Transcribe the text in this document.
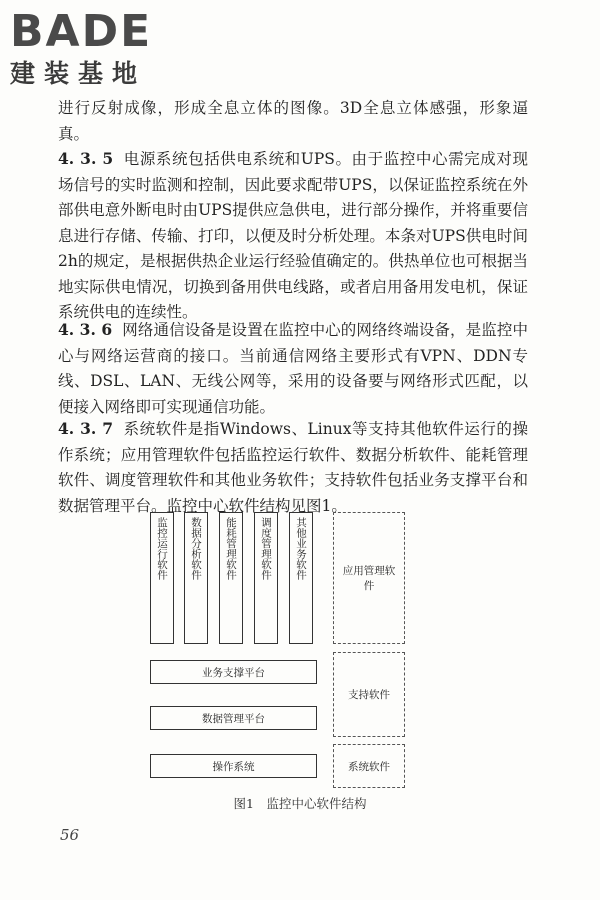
BADE
建装基地

进行反射成像，形成全息立体的图像。3D全息立体感强，形象逼真。

4. 3. 5 电源系统包括供电系统和UPS。由于监控中心需完成对现场信号的实时监测和控制，因此要求配带UPS，以保证监控系统在外部供电意外断电时由UPS提供应急供电，进行部分操作，并将重要信息进行存储、传输、打印，以便及时分析处理。本条对UPS供电时间2h的规定，是根据供热企业运行经验值确定的。供热单位也可根据当地实际供电情况，切换到备用供电线路，或者启用备用发电机，保证系统供电的连续性。

4. 3. 6 网络通信设备是设置在监控中心的网络终端设备，是监控中心与网络运营商的接口。当前通信网络主要形式有VPN、DDN专线、DSL、LAN、无线公网等，采用的设备要与网络形式匹配，以便接入网络即可实现通信功能。

4. 3. 7 系统软件是指Windows、Linux等支持其他软件运行的操作系统；应用管理软件包括监控运行软件、数据分析软件、能耗管理软件、调度管理软件和其他业务软件；支持软件包括业务支撑平台和数据管理平台。监控中心软件结构见图1。

监控运行软件 数据分析软件 能耗管理软件 调度管理软件 其他业务软件	应用管理软件
业务支撑平台
数据管理平台
支持软件
操作系统	系统软件
图1　监控中心软件结构
56
